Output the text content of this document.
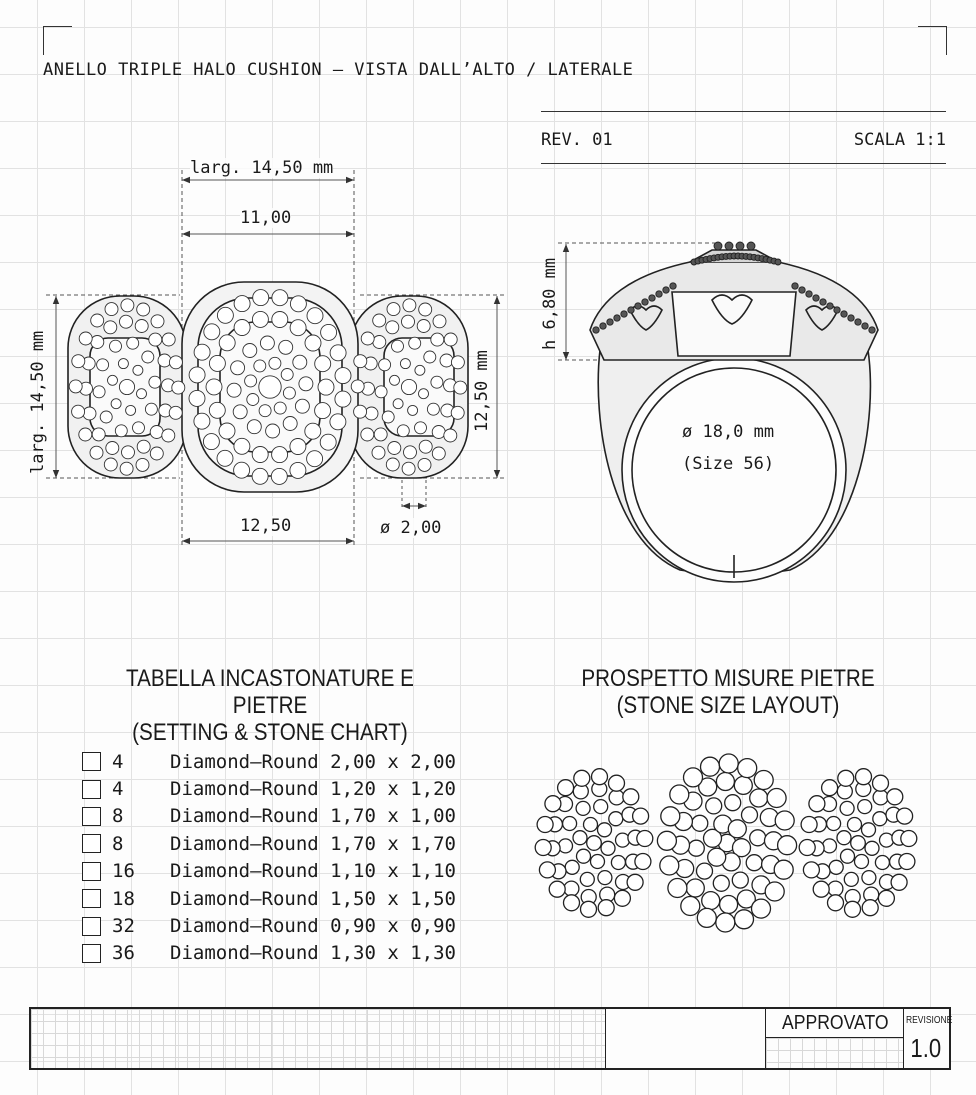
ANELLO TRIPLE HALO CUSHION – VISTA DALL’ALTO / LATERALE
REV. 01	SCALA 1:1
larg. 14,50 mm
11,00
12,50	ø 2,00
larg. 14,50 mm	12,50 mm
h 6,80 mm
ø 18,0 mm
(Size 56)
TABELLA INCASTONATURE E PIETRE
(SETTING & STONE CHART)
PROSPETTO MISURE PIETRE
(STONE SIZE LAYOUT)
4	Diamond–Round 2,00 x 2,00
4	Diamond–Round 1,20 x 1,20
8	Diamond–Round 1,70 x 1,00
8	Diamond–Round 1,70 x 1,70
16	Diamond–Round 1,10 x 1,10
18	Diamond–Round 1,50 x 1,50
32	Diamond–Round 0,90 x 0,90
36	Diamond–Round 1,30 x 1,30
APPROVATO REVISIONE
1.0
